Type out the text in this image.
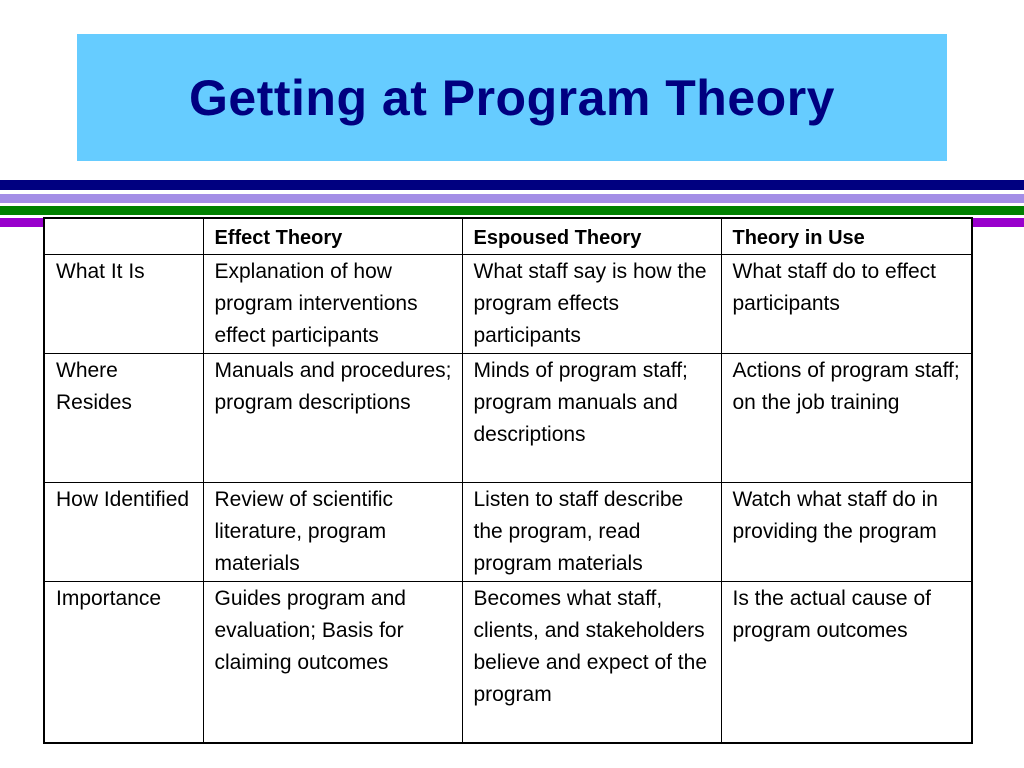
Getting at Program Theory
	Effect Theory	Espoused Theory	Theory in Use
What It Is	Explanation of how program interventions effect participants	What staff say is how the program effects participants	What staff do to effect participants
Where Resides	Manuals and procedures; program descriptions	Minds of program staff; program manuals and descriptions	Actions of program staff; on the job training
How Identified	Review of scientific literature, program materials	Listen to staff describe the program, read program materials	Watch what staff do in providing the program
Importance	Guides program and evaluation; Basis for claiming outcomes	Becomes what staff, clients, and stakeholders believe and expect of the program	Is the actual cause of program outcomes
